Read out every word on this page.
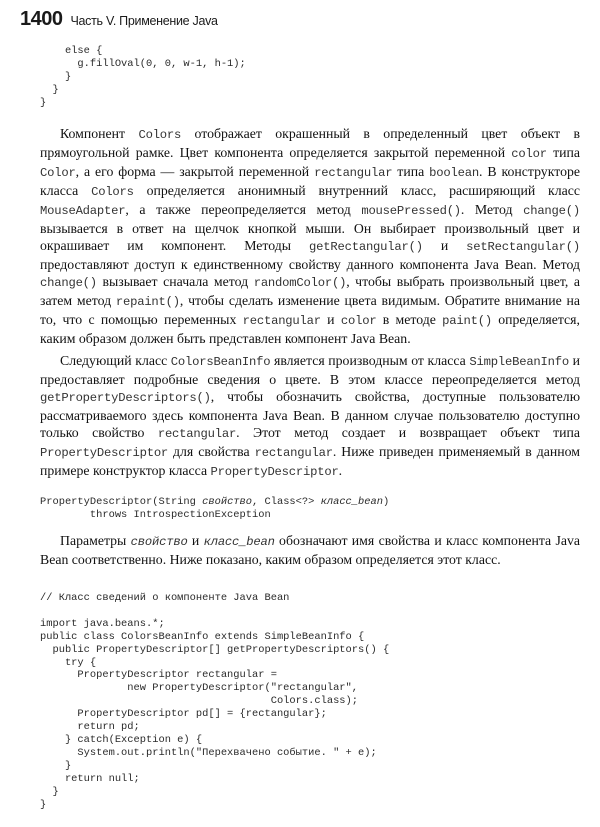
1400 Часть V. Применение Java
else {
g.fillOval(0, 0, w-1, h-1);
}
}
}

Компонент Colors отображает окрашенный в определенный цвет объект в прямоугольной рамке. Цвет компонента определяется закрытой переменной color типа Color, а его форма — закрытой переменной rectangular типа boolean. В конструкторе класса Colors определяется анонимный внутренний класс, расширяющий класс MouseAdapter, а также переопределяется метод mousePressed(). Метод change() вызывается в ответ на щелчок кнопкой мыши. Он выбирает произвольный цвет и окрашивает им компонент. Методы getRectangular() и setRectangular() предоставляют доступ к единственному свойству данного компонента Java Bean. Метод change() вызывает сначала метод randomColor(), чтобы выбрать произвольный цвет, а затем метод repaint(), чтобы сделать изменение цвета видимым. Обратите внимание на то, что с помощью переменных rectangular и color в методе paint() определяется, каким образом должен быть представлен компонент Java Bean.

Следующий класс ColorsBeanInfo является производным от класса SimpleBeanInfo и предоставляет подробные сведения о цвете. В этом классе переопределяется метод getPropertyDescriptors(), чтобы обозначить свойства, доступные пользователю рассматриваемого здесь компонента Java Bean. В данном случае пользователю доступно только свойство rectangular. Этот метод создает и возвращает объект типа PropertyDescriptor для свойства rectangular. Ниже приведен применяемый в данном примере конструктор класса PropertyDescriptor.

PropertyDescriptor(String свойство, Class<?> класс_bean)
throws IntrospectionException

Параметры свойство и класс_bean обозначают имя свойства и класс компонента Java Bean соответственно. Ниже показано, каким образом определяется этот класс.

// Класс сведений о компоненте Java Bean

import java.beans.*;
public class ColorsBeanInfo extends SimpleBeanInfo {
public PropertyDescriptor[] getPropertyDescriptors() {
try {
PropertyDescriptor rectangular =
new PropertyDescriptor("rectangular",
Colors.class);
PropertyDescriptor pd[] = {rectangular};
return pd;
} catch(Exception e) {
System.out.println("Перехвачено событие. " + e);
}
return null;
}
}
